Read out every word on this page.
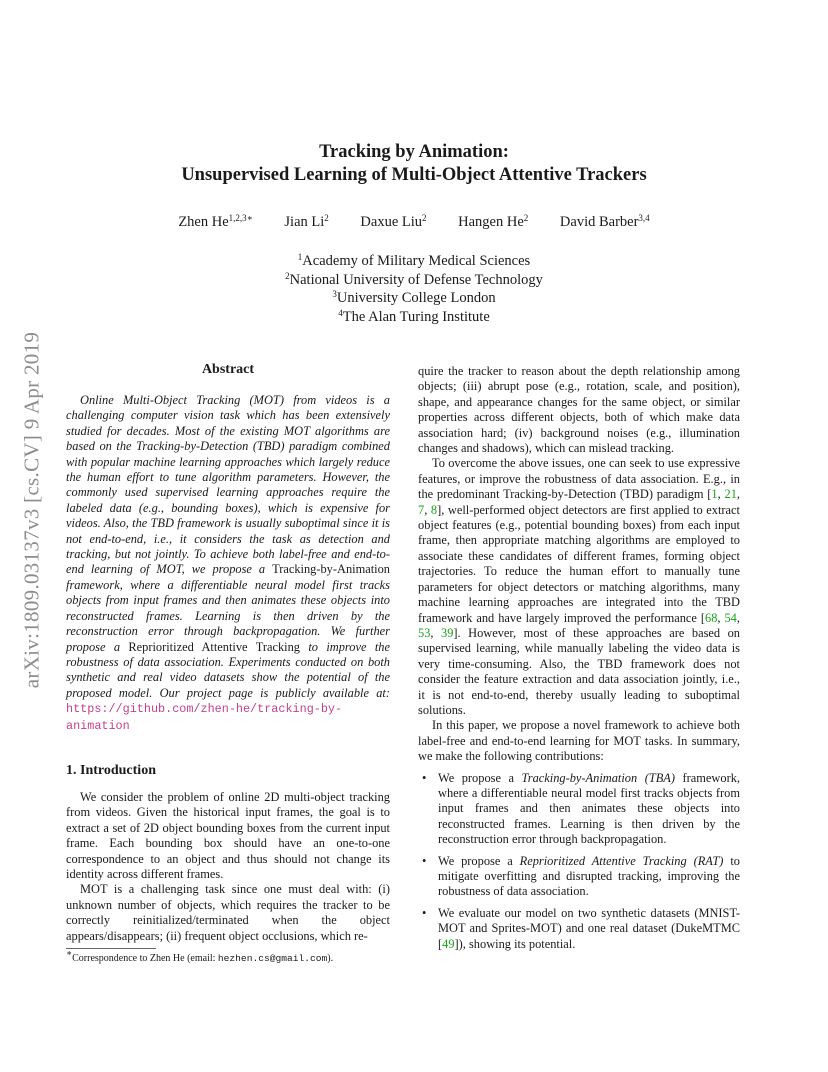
Tracking by Animation:
Unsupervised Learning of Multi-Object Attentive Trackers
Zhen $He^{1,2,3∗}$ Jian Li$^2$ Daxue Liu$^2$ Hangen He$^2$ David Barber$^{3,4}$
$^1$Academy of Military Medical Sciences
$^2$National University of Defense Technology
$^3$University College London
$^4$The Alan Turing Institute
arXiv:1809.03137v3 [cs.CV] 9 Apr 2019	Abstract

Online Multi-Object Tracking (MOT) from videos is a challenging computer vision task which has been extensively studied for decades. Most of the existing MOT algorithms are based on the Tracking-by-Detection (TBD) paradigm combined with popular machine learning approaches which largely reduce the human effort to tune algorithm parameters. However, the commonly used supervised learning approaches require the labeled data (e.g., bounding boxes), which is expensive for videos. Also, the TBD framework is usually suboptimal since it is not end-to-end, i.e., it considers the task as detection and tracking, but not jointly. To achieve both label-free and end-to-end learning of MOT, we propose a Tracking-by-Animation framework, where a differentiable neural model first tracks objects from input frames and then animates these objects into reconstructed frames. Learning is then driven by the reconstruction error through backpropagation. We further propose a Reprioritized Attentive Tracking to improve the robustness of data association. Experiments conducted on both synthetic and real video datasets show the potential of the proposed model. Our project page is publicly available at: https://github.com/zhen-he/tracking-by-animation

1. Introduction

We consider the problem of online 2D multi-object tracking from videos. Given the historical input frames, the goal is to extract a set of 2D object bounding boxes from the current input frame. Each bounding box should have an one-to-one correspondence to an object and thus should not change its identity across different frames.

MOT is a challenging task since one must deal with: (i) unknown number of objects, which requires the tracker to be correctly reinitialized/terminated when the object appears/disappears; (ii) frequent object occlusions, which re-

∗Correspondence to Zhen He (email: hezhen.cs@gmail.com).

quire the tracker to reason about the depth relationship among objects; (iii) abrupt pose (e.g., rotation, scale, and position), shape, and appearance changes for the same object, or similar properties across different objects, both of which make data association hard; (iv) background noises (e.g., illumination changes and shadows), which can mislead tracking.

To overcome the above issues, one can seek to use expressive features, or improve the robustness of data association. E.g., in the predominant Tracking-by-Detection (TBD) paradigm [1, 21, 7, 8], well-performed object detectors are first applied to extract object features (e.g., potential bounding boxes) from each input frame, then appropriate matching algorithms are employed to associate these candidates of different frames, forming object trajectories. To reduce the human effort to manually tune parameters for object detectors or matching algorithms, many machine learning approaches are integrated into the TBD framework and have largely improved the performance [68, 54, 53, 39]. However, most of these approaches are based on supervised learning, while manually labeling the video data is very time-consuming. Also, the TBD framework does not consider the feature extraction and data association jointly, i.e., it is not end-to-end, thereby usually leading to suboptimal solutions.

In this paper, we propose a novel framework to achieve both label-free and end-to-end learning for MOT tasks. In summary, we make the following contributions:

• We propose a Tracking-by-Animation (TBA) framework, where a differentiable neural model first tracks objects from input frames and then animates these objects into reconstructed frames. Learning is then driven by the reconstruction error through backpropagation.
• We propose a Reprioritized Attentive Tracking (RAT) to mitigate overfitting and disrupted tracking, improving the robustness of data association.
• We evaluate our model on two synthetic datasets (MNIST-MOT and Sprites-MOT) and one real dataset (DukeMTMC [49]), showing its potential.
